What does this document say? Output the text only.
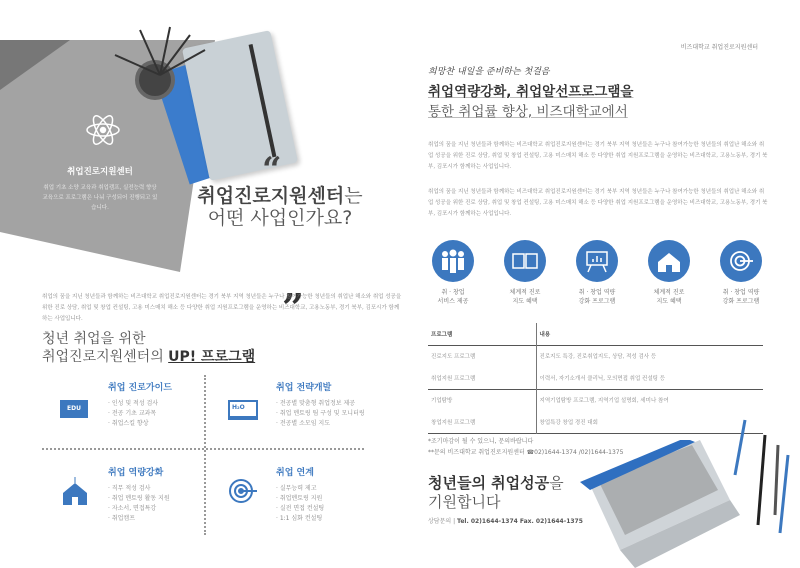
취업진로지원센터
취업 기초 소양 교육과 취업캠프, 실전능력 향상 교육으로 프로그램은 나눠 구성되어 진행되고 있습니다.
“
취업진로지원센터는
어떤 사업인가요?
”
취업의 꿈을 지닌 청년들과 함께하는 비즈대학교 취업진로지원센터는 경기 북부 지역 청년들은 누구나 참여가능한 청년들의 취업난 해소와 취업 성공을 위한 진로 상담, 취업 및 창업 컨설팅, 고용 미스매치 해소 등 다양한 취업 지원프로그램을 운영하는 비즈대학교, 고용노동부, 경기 북부, 김포시가 함께하는 사업입니다.
청년 취업을 위한
취업진로지원센터의 UP! 프로그램
EDU
취업 진로가이드
· 인성 및 적성 검사
· 전공 기초 교과목
· 취업스킬 향상
H₂O
취업 전략개발
· 전공별 맞춤형 취업정보 제공
· 취업 멘토링 팀 구성 및 모니터링
· 전공별 소모임 지도
취업 역량강화
· 직무 적성 검사
· 취업 멘토링 활동 지원
· 자소서, 면접특강
· 취업캠프
취업 연계
· 실무능력 제고
· 취업멘토링 지원
· 실전 면접 컨설팅
· 1:1 심화 컨설팅
비즈대학교 취업진로지원센터
희망찬 내일을 준비하는 첫걸음
취업역량강화, 취업알선프로그램을
통한 취업률 향상, 비즈대학교에서
취업의 꿈을 지닌 청년들과 함께하는 비즈대학교 취업진로지원센터는 경기 북부 지역 청년들은 누구나 참여가능한 청년들의 취업난 해소와 취업 성공을 위한 진로 상담, 취업 및 창업 컨설팅, 고용 미스매치 해소 등 다양한 취업 지원프로그램을 운영하는 비즈대학교, 고용노동부, 경기 북부, 김포시가 함께하는 사업입니다.
취업의 꿈을 지닌 청년들과 함께하는 비즈대학교 취업진로지원센터는 경기 북부 지역 청년들은 누구나 참여가능한 청년들의 취업난 해소와 취업 성공을 위한 진로 상담, 취업 및 창업 컨설팅, 고용 미스매치 해소 등 다양한 취업 지원프로그램을 운영하는 비즈대학교, 고용노동부, 경기 북부, 김포시가 함께하는 사업입니다.
취 · 창업
서비스 제공
체계적 진로
지도 혜택
취 · 창업 역량
강화 프로그램
체계적 진로
지도 혜택
취 · 창업 역량
강화 프로그램
프로그램	내용
진로지도 프로그램	진로지도 특강, 진로취업지도, 상담, 적성 검사 등
취업지원 프로그램	이력서, 자기소개서 클리닉, 모의면접 취업 컨설팅 등
기업탐방	지역기업탐방 프로그램, 지역기업 설명회, 세미나 참여
창업지원 프로그램	창업특강 창업 경진 대회
*조기마감이 될 수 있으니, 문의바랍니다
**문의 비즈대학교 취업진로지원센터 ☎02)1644-1374 /02)1644-1375
청년들의 취업성공을
기원합니다
상담문의 | Tel. 02)1644-1374 Fax. 02)1644-1375
